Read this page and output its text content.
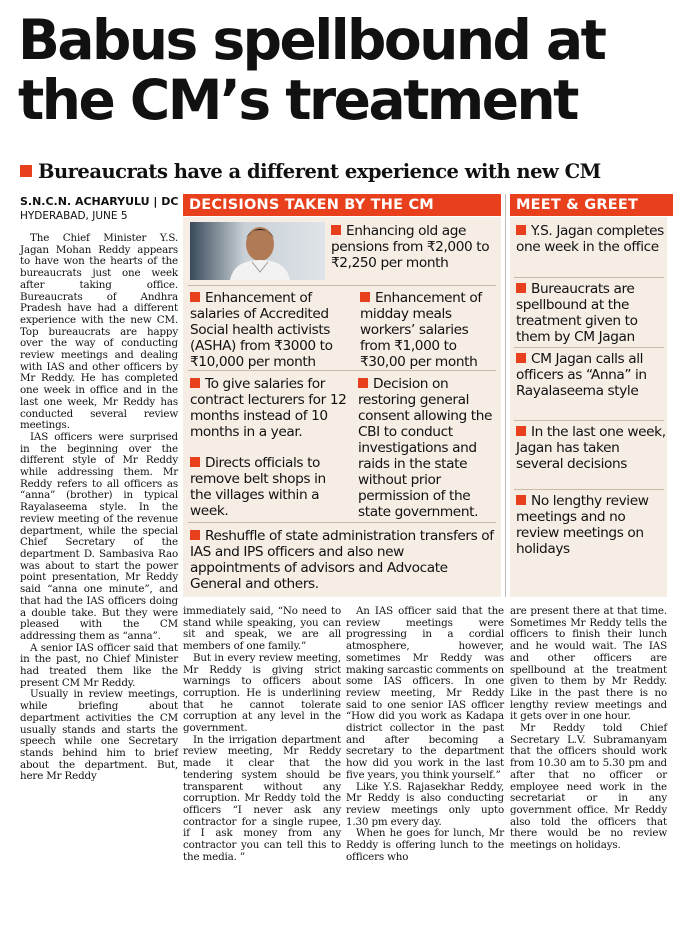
Babus spellbound at
the CM’s treatment
Bureaucrats have a different experience with new CM
S.N.C.N. ACHARYULU | DC
HYDERABAD, JUNE 5
DECISIONS TAKEN BY THE CM
Enhancing old age pensions from ₹2,000 to ₹2,250 per month
Enhancement of salaries of Accredited Social health activists (ASHA) from ₹3000 to ₹10,000 per month
Enhancement of midday meals workers’ salaries from ₹1,000 to ₹30,00 per month
To give salaries for contract lecturers for 12 months instead of 10 months in a year.
Decision on restoring general consent allowing the CBI to conduct investigations and raids in the state without prior permission of the state government.
Directs officials to remove belt shops in the villages within a week.
Reshuffle of state administration transfers of IAS and IPS officers and also new appointments of advisors and Advocate General and others.
MEET & GREET
Y.S. Jagan completes one week in the office
Bureaucrats are spellbound at the treatment given to them by CM Jagan
CM Jagan calls all officers as “Anna” in Rayalaseema style
In the last one week, Jagan has taken several decisions
No lengthy review meetings and no review meetings on holidays

The Chief Minister Y.S. Jagan Mohan Reddy appears to have won the hearts of the bureaucrats just one week after taking office. Bureaucrats of Andhra Pradesh have had a different experience with the new CM. Top bureaucrats are happy over the way of conducting review meetings and dealing with IAS and other officers by Mr Reddy. He has completed one week in office and in the last one week, Mr Reddy has conducted several review meetings.

IAS officers were surprised in the beginning over the different style of Mr Reddy while addressing them. Mr Reddy refers to all officers as “anna” (brother) in typical Rayalaseema style. In the review meeting of the revenue department, while the special Chief Secretary of the department D. Sambasiva Rao was about to start the power point presentation, Mr Reddy said “anna one minute”, and that had the IAS officers doing a double take. But they were pleased with the CM addressing them as “anna”.

A senior IAS officer said that in the past, no Chief Minister had treated them like the present CM Mr Reddy.

Usually in review meetings, while briefing about department activities the CM usually stands and starts the speech while one Secretary stands behind him to brief about the department. But, here Mr Reddy

immediately said, “No need to stand while speaking, you can sit and speak, we are all members of one family.”

But in every review meeting, Mr Reddy is giving strict warnings to officers about corruption. He is underlining that he cannot tolerate corruption at any level in the government.

In the irrigation department review meeting, Mr Reddy made it clear that the tendering system should be transparent without any corruption. Mr Reddy told the officers “I never ask any contractor for a single rupee, if I ask money from any contractor you can tell this to the media. ”

An IAS officer said that the review meetings were progressing in a cordial atmosphere, however, sometimes Mr Reddy was making sarcastic comments on some IAS officers. In one review meeting, Mr Reddy said to one senior IAS officer “How did you work as Kadapa district collector in the past and after becoming a secretary to the department how did you work in the last five years, you think yourself.”

Like Y.S. Rajasekhar Reddy, Mr Reddy is also conducting review meetings only upto 1.30 pm every day.

When he goes for lunch, Mr Reddy is offering lunch to the officers who

are present there at that time. Sometimes Mr Reddy tells the officers to finish their lunch and he would wait. The IAS and other officers are spellbound at the treatment given to them by Mr Reddy. Like in the past there is no lengthy review meetings and it gets over in one hour.

Mr Reddy told Chief Secretary L.V. Subramanyam that the officers should work from 10.30 am to 5.30 pm and after that no officer or employee need work in the secretariat or in any government office. Mr Reddy also told the officers that there would be no review meetings on holidays.
